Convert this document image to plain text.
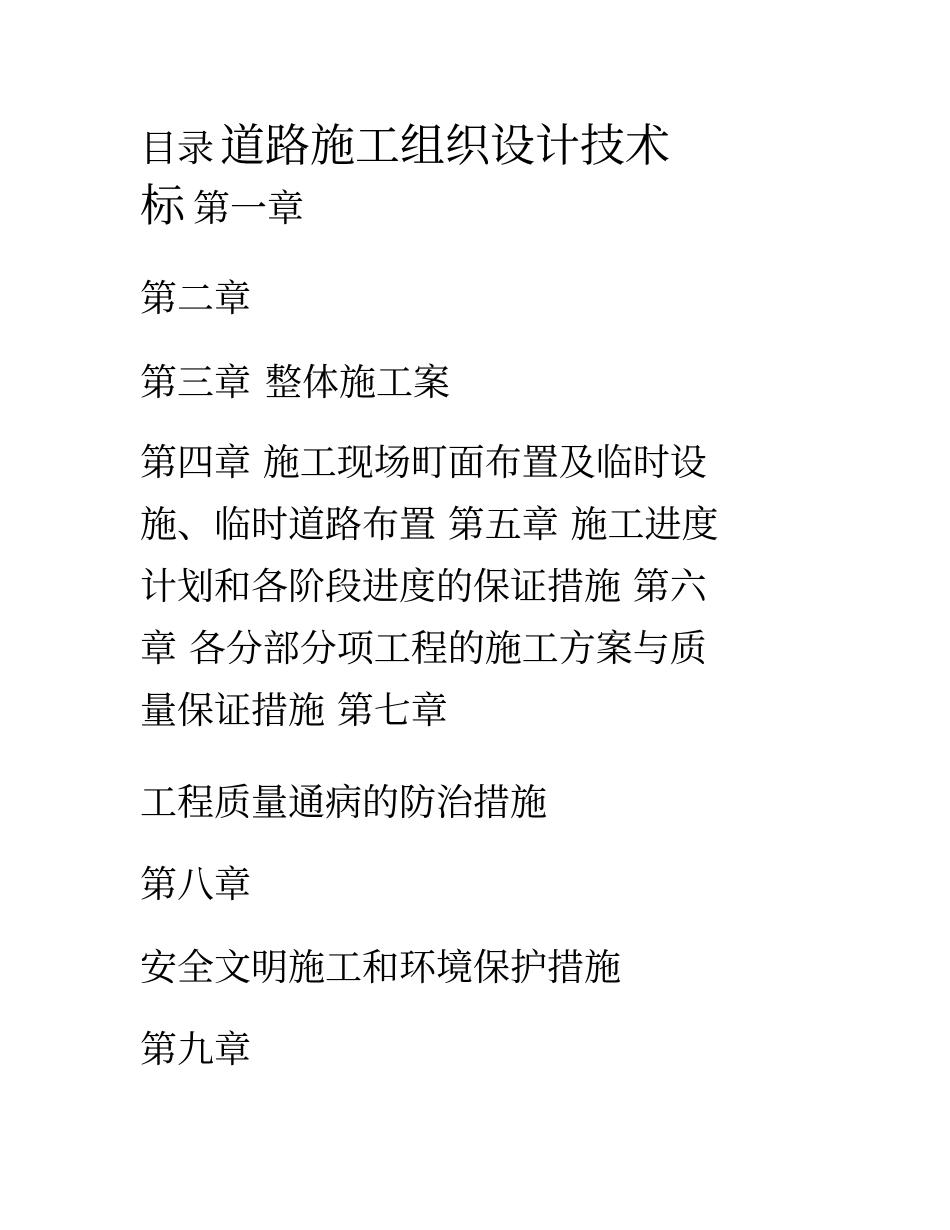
目录 道路施工组织设计技术
标 第一章
第二章
第三章 整体施工案
第四章 施工现场町面布置及临时设
施、临时道路布置 第五章 施工进度
计划和各阶段进度的保证措施 第六
章 各分部分项工程的施工方案与质
量保证措施 第七章
工程质量通病的防治措施
第八章
安全文明施工和环境保护措施
第九章
